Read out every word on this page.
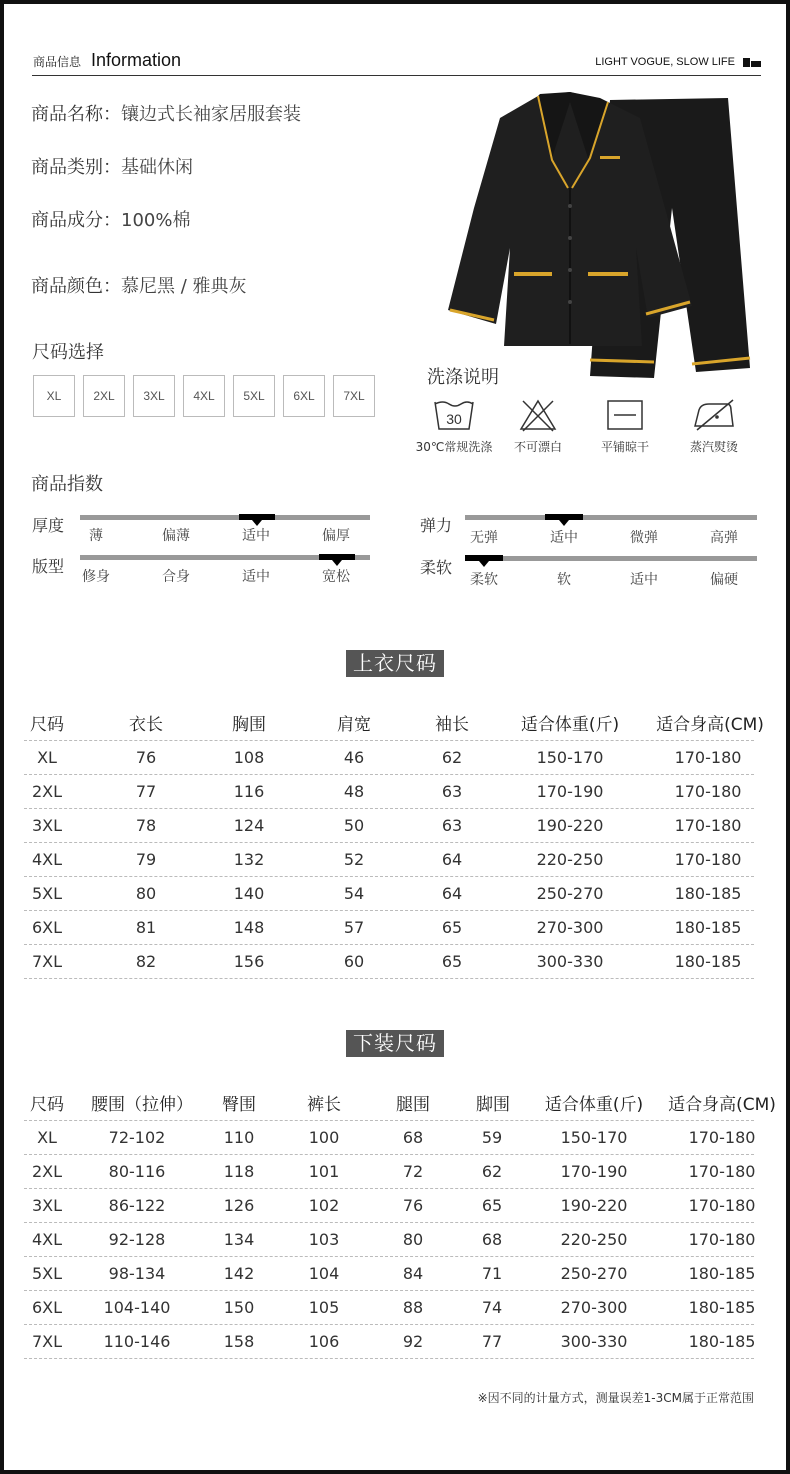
商品信息 Information	LIGHT VOGUE, SLOW LIFE
商品名称：镶边式长袖家居服套装
商品类别：基础休闲
商品成分：100%棉
商品颜色：慕尼黑 / 雅典灰
尺码选择
XL	2XL	3XL	4XL	5XL	6XL	7XL
洗涤说明
30
30℃常规洗涤	不可漂白	平铺晾干	蒸汽熨烫
商品指数
厚度
薄	偏薄	适中	偏厚
版型
修身	合身	适中	宽松
弹力
无弹	适中	微弹	高弹
柔软
柔软	软	适中	偏硬
上衣尺码
尺码	衣长	胸围	肩宽	袖长	适合体重(斤) 适合身高(CM)
XL	76	108	46	62	150-170	170-180
2XL	77	116	48	63	170-190	170-180
3XL	78	124	50	63	190-220	170-180
4XL	79	132	52	64	220-250	170-180
5XL	80	140	54	64	250-270	180-185
6XL	81	148	57	65	270-300	180-185
7XL	82	156	60	65	300-330	180-185
下装尺码
尺码 腰围（拉伸） 臀围	裤长	腿围	脚围 适合体重(斤) 适合身高(CM)
XL	72-102	110	100	68	59	150-170	170-180
2XL	80-116	118	101	72	62	170-190	170-180
3XL	86-122	126	102	76	65	190-220	170-180
4XL	92-128	134	103	80	68	220-250	170-180
5XL	98-134	142	104	84	71	250-270	180-185
6XL	104-140	150	105	88	74	270-300	180-185
7XL	110-146	158	106	92	77	300-330	180-185
※因不同的计量方式，测量误差1-3CM属于正常范围
